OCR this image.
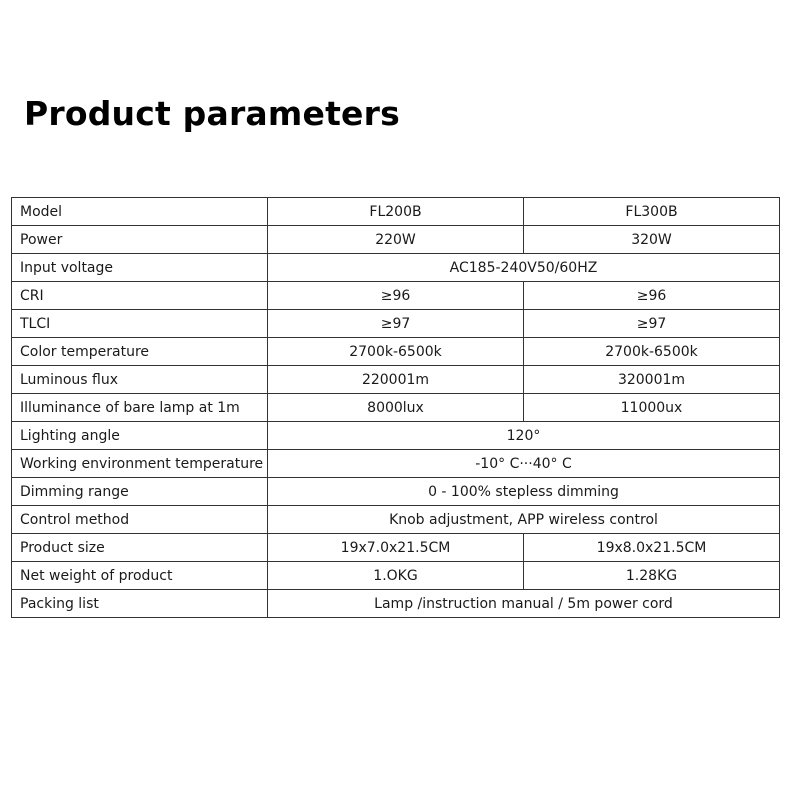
Product parameters
Model	FL200B	FL300B
Power	220W	320W
Input voltage	AC185-240V50/60HZ	
CRI	≥96	≥96
TLCI	≥97	≥97
Color temperature	2700k-6500k	2700k-6500k
Luminous flux	220001m	320001m
Illuminance of bare lamp at 1m	8000lux	11000ux
Lighting angle	120°	
Working environment temperature	-10° C···40° C	
Dimming range	0 - 100% stepless dimming	
Control method	Knob adjustment, APP wireless control	
Product size	19x7.0x21.5CM	19x8.0x21.5CM
Net weight of product	1.OKG	1.28KG
Packing list	Lamp /instruction manual / 5m power cord	
